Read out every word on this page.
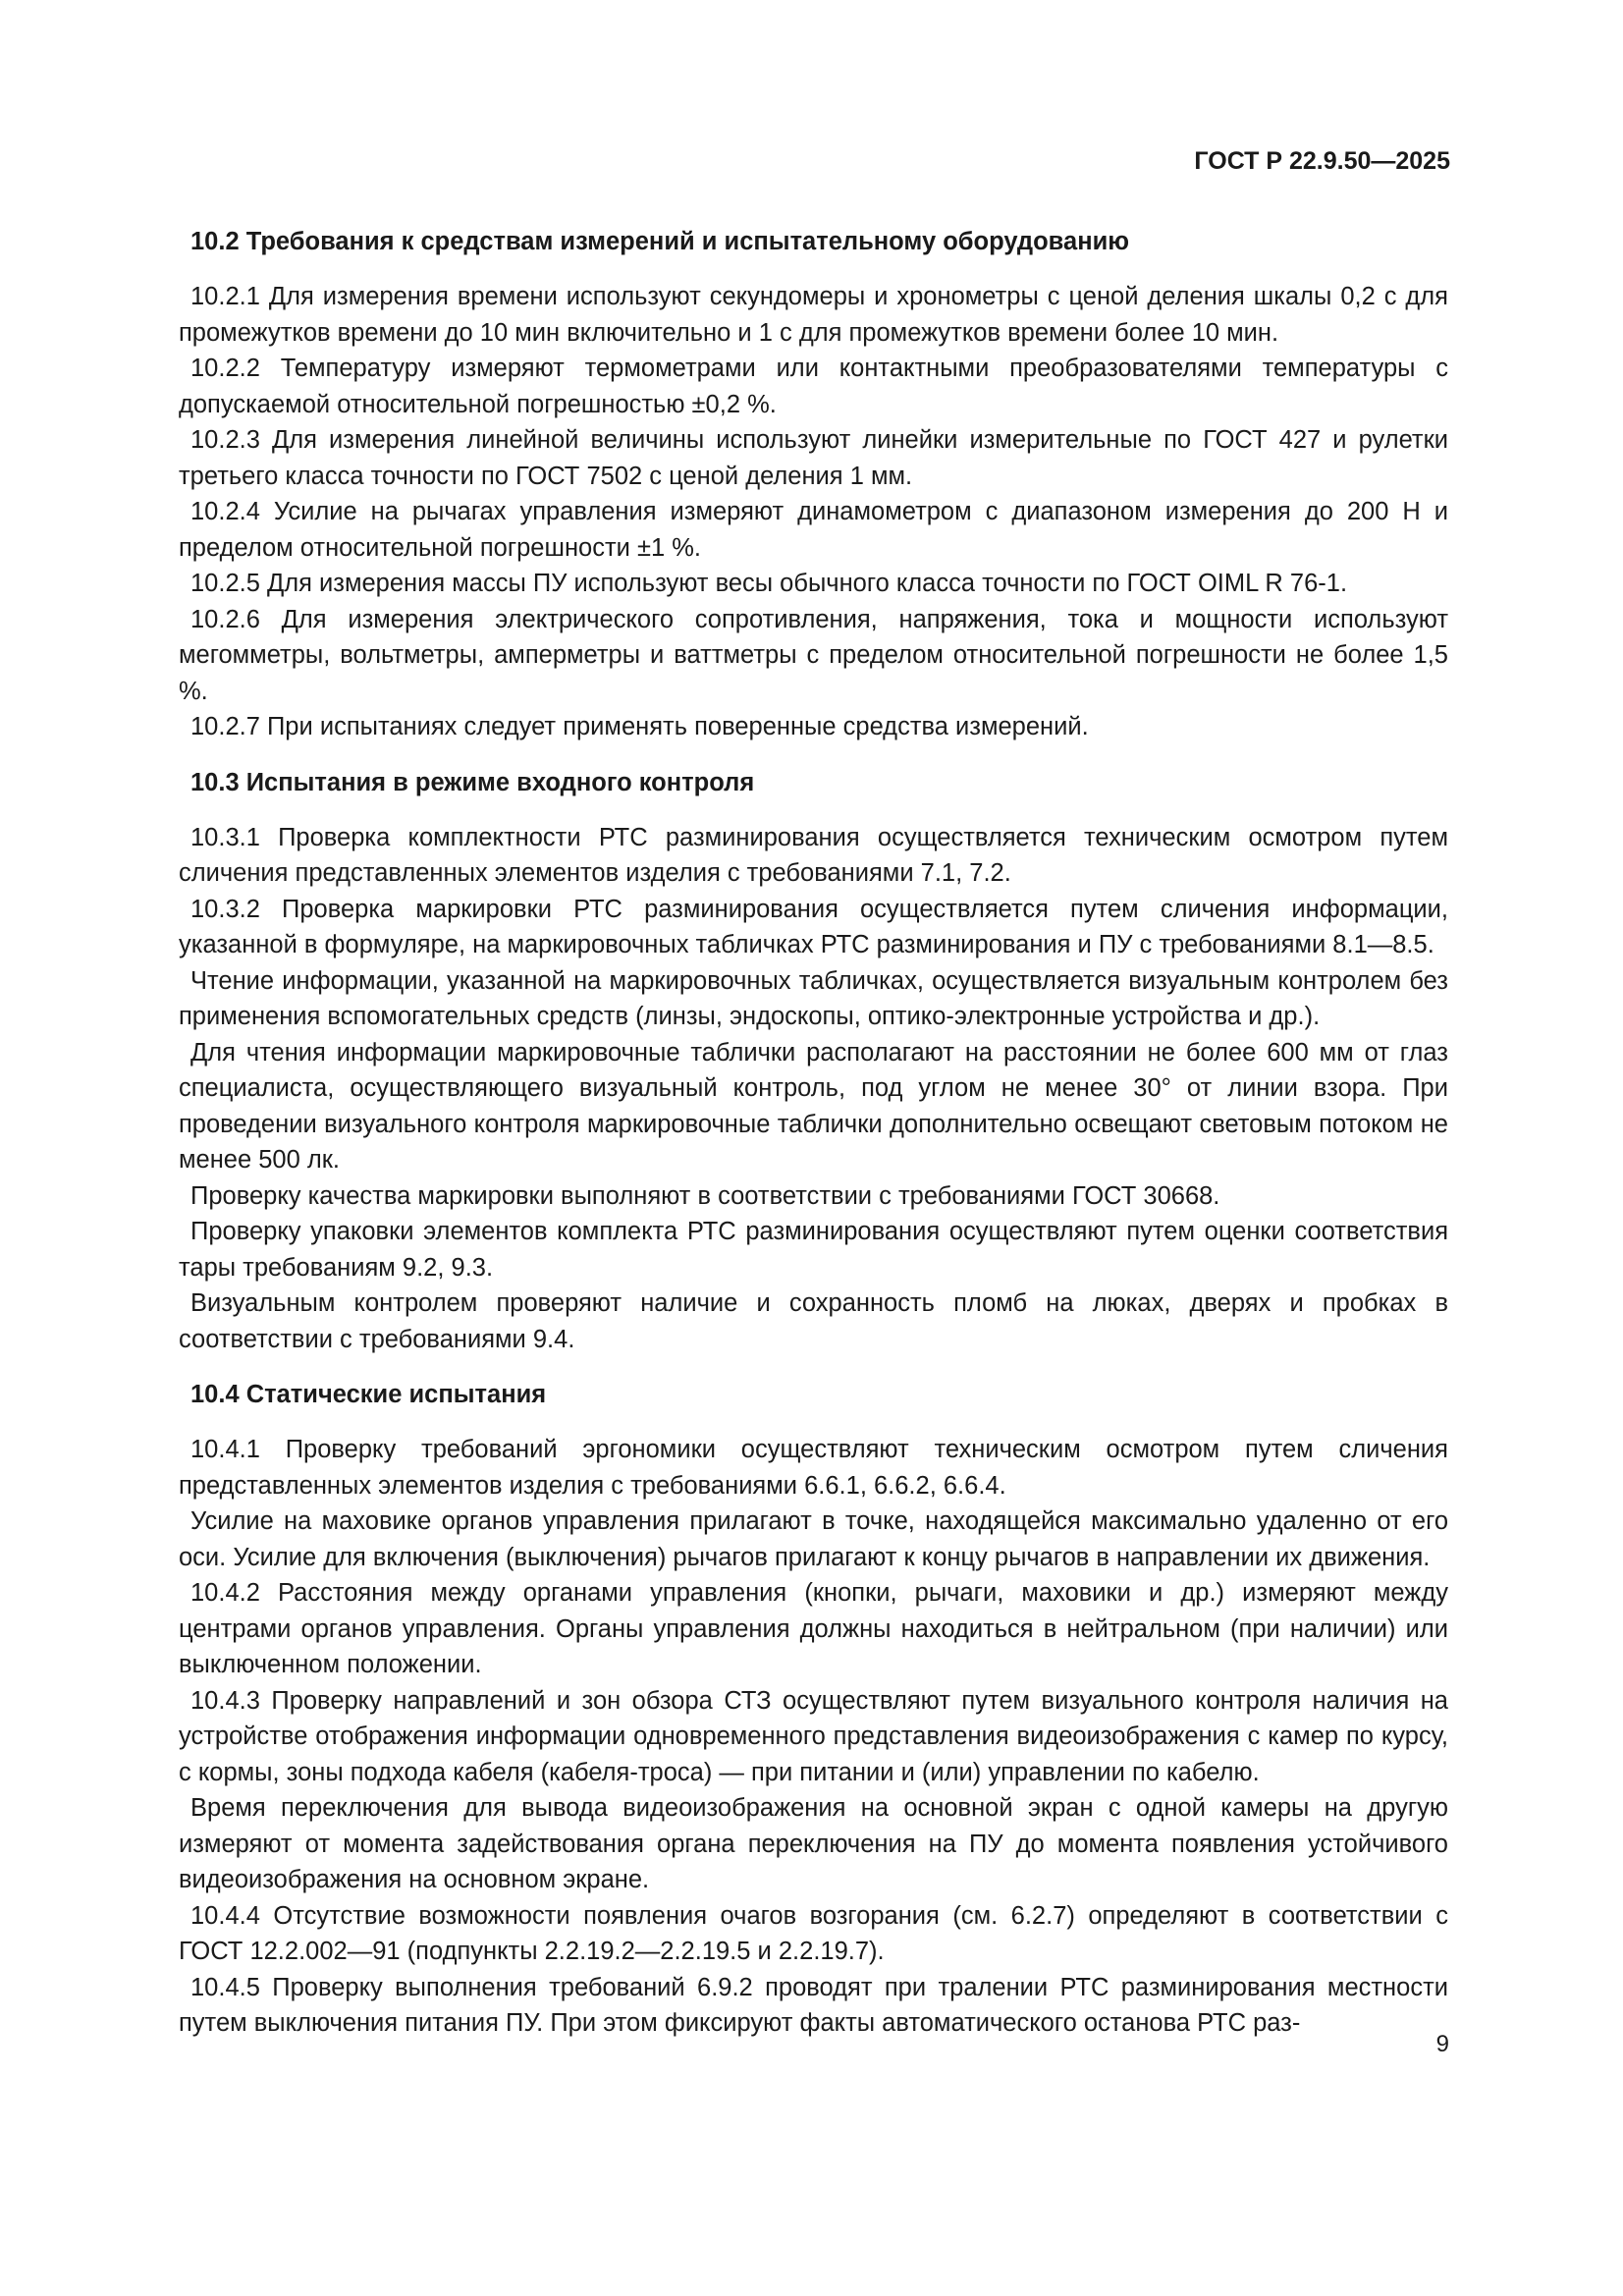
ГОСТ Р 22.9.50—2025
10.2 Требования к средствам измерений и испытательному оборудованию

10.2.1 Для измерения времени используют секундомеры и хронометры с ценой деления шкалы 0,2 с для промежутков времени до 10 мин включительно и 1 с для промежутков времени более 10 мин.

10.2.2 Температуру измеряют термометрами или контактными преобразователями температуры с допускаемой относительной погрешностью ±0,2 %.

10.2.3 Для измерения линейной величины используют линейки измерительные по ГОСТ 427 и рулетки третьего класса точности по ГОСТ 7502 с ценой деления 1 мм.

10.2.4 Усилие на рычагах управления измеряют динамометром с диапазоном измерения до 200 Н и пределом относительной погрешности ±1 %.

10.2.5 Для измерения массы ПУ используют весы обычного класса точности по ГОСТ OIML R 76-1.

10.2.6 Для измерения электрического сопротивления, напряжения, тока и мощности используют мегомметры, вольтметры, амперметры и ваттметры с пределом относительной погрешности не более 1,5 %.

10.2.7 При испытаниях следует применять поверенные средства измерений.

10.3 Испытания в режиме входного контроля

10.3.1 Проверка комплектности РТС разминирования осуществляется техническим осмотром путем сличения представленных элементов изделия с требованиями 7.1, 7.2.

10.3.2 Проверка маркировки РТС разминирования осуществляется путем сличения информации, указанной в формуляре, на маркировочных табличках РТС разминирования и ПУ с требованиями 8.1—8.5.

Чтение информации, указанной на маркировочных табличках, осуществляется визуальным контролем без применения вспомогательных средств (линзы, эндоскопы, оптико-электронные устройства и др.).

Для чтения информации маркировочные таблички располагают на расстоянии не более 600 мм от глаз специалиста, осуществляющего визуальный контроль, под углом не менее 30° от линии взора. При проведении визуального контроля маркировочные таблички дополнительно освещают световым потоком не менее 500 лк.

Проверку качества маркировки выполняют в соответствии с требованиями ГОСТ 30668.

Проверку упаковки элементов комплекта РТС разминирования осуществляют путем оценки соответствия тары требованиям 9.2, 9.3.

Визуальным контролем проверяют наличие и сохранность пломб на люках, дверях и пробках в соответствии с требованиями 9.4.

10.4 Статические испытания

10.4.1 Проверку требований эргономики осуществляют техническим осмотром путем сличения представленных элементов изделия с требованиями 6.6.1, 6.6.2, 6.6.4.

Усилие на маховике органов управления прилагают в точке, находящейся максимально удаленно от его оси. Усилие для включения (выключения) рычагов прилагают к концу рычагов в направлении их движения.

10.4.2 Расстояния между органами управления (кнопки, рычаги, маховики и др.) измеряют между центрами органов управления. Органы управления должны находиться в нейтральном (при наличии) или выключенном положении.

10.4.3 Проверку направлений и зон обзора СТЗ осуществляют путем визуального контроля наличия на устройстве отображения информации одновременного представления видеоизображения с камер по курсу, с кормы, зоны подхода кабеля (кабеля-троса) — при питании и (или) управлении по кабелю.

Время переключения для вывода видеоизображения на основной экран с одной камеры на другую измеряют от момента задействования органа переключения на ПУ до момента появления устойчивого видеоизображения на основном экране.

10.4.4 Отсутствие возможности появления очагов возгорания (см. 6.2.7) определяют в соответствии с ГОСТ 12.2.002—91 (подпункты 2.2.19.2—2.2.19.5 и 2.2.19.7).

10.4.5 Проверку выполнения требований 6.9.2 проводят при тралении РТС разминирования местности путем выключения питания ПУ. При этом фиксируют факты автоматического останова РТС раз-

9
